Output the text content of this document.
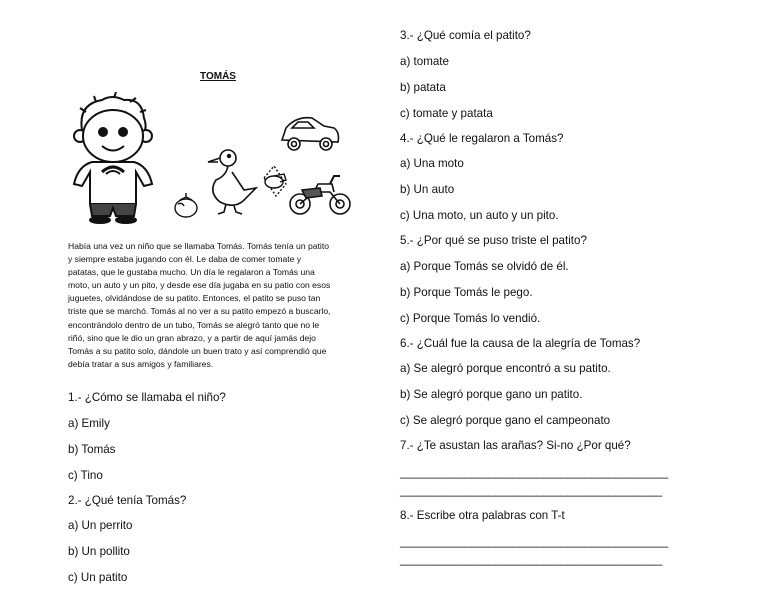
TOMÁS

Había una vez un niño que se llamaba Tomás. Tomás tenía un patito

y siempre estaba jugando con él. Le daba de comer tomate y

patatas, que le gustaba mucho. Un día le regalaron a Tomás una

moto, un auto y un pito, y desde ese día jugaba en su patio con esos

juguetes, olvidándose de su patito. Entonces, el patito se puso tan

triste que se marchó. Tomás al no ver a su patito empezó a buscarlo,

encontrándolo dentro de un tubo, Tomás se alegró tanto que no le

riñó, sino que le dio un gran abrazo, y a partir de aquí jamás dejo

Tomás a su patito solo, dándole un buen trato y así comprendió que

debía tratar a sus amigos y familiares.

1.- ¿Cómo se llamaba el niño?
a) Emily
b) Tomás
c) Tino
2.- ¿Qué tenía Tomás?
a) Un perrito
b) Un pollito
c) Un patito
3.- ¿Qué comía el patito?
a) tomate
b) patata
c) tomate y patata
4.- ¿Qué le regalaron a Tomás?
a) Una moto
b) Un auto
c) Una moto, un auto y un pito.
5.- ¿Por qué se puso triste el patito?
a) Porque Tomás se olvidó de él.
b) Porque Tomás le pego.
c) Porque Tomás lo vendió.
6.- ¿Cuál fue la causa de la alegría de Tomas?
a) Se alegró porque encontró a su patito.
b) Se alegró porque gano un patito.
c) Se alegró porque gano el campeonato
7.- ¿Te asustan las arañas? Si-no ¿Por qué?
_____________________________________________
____________________________________________
8.- Escribe otra palabras con T-t
_____________________________________________
____________________________________________
